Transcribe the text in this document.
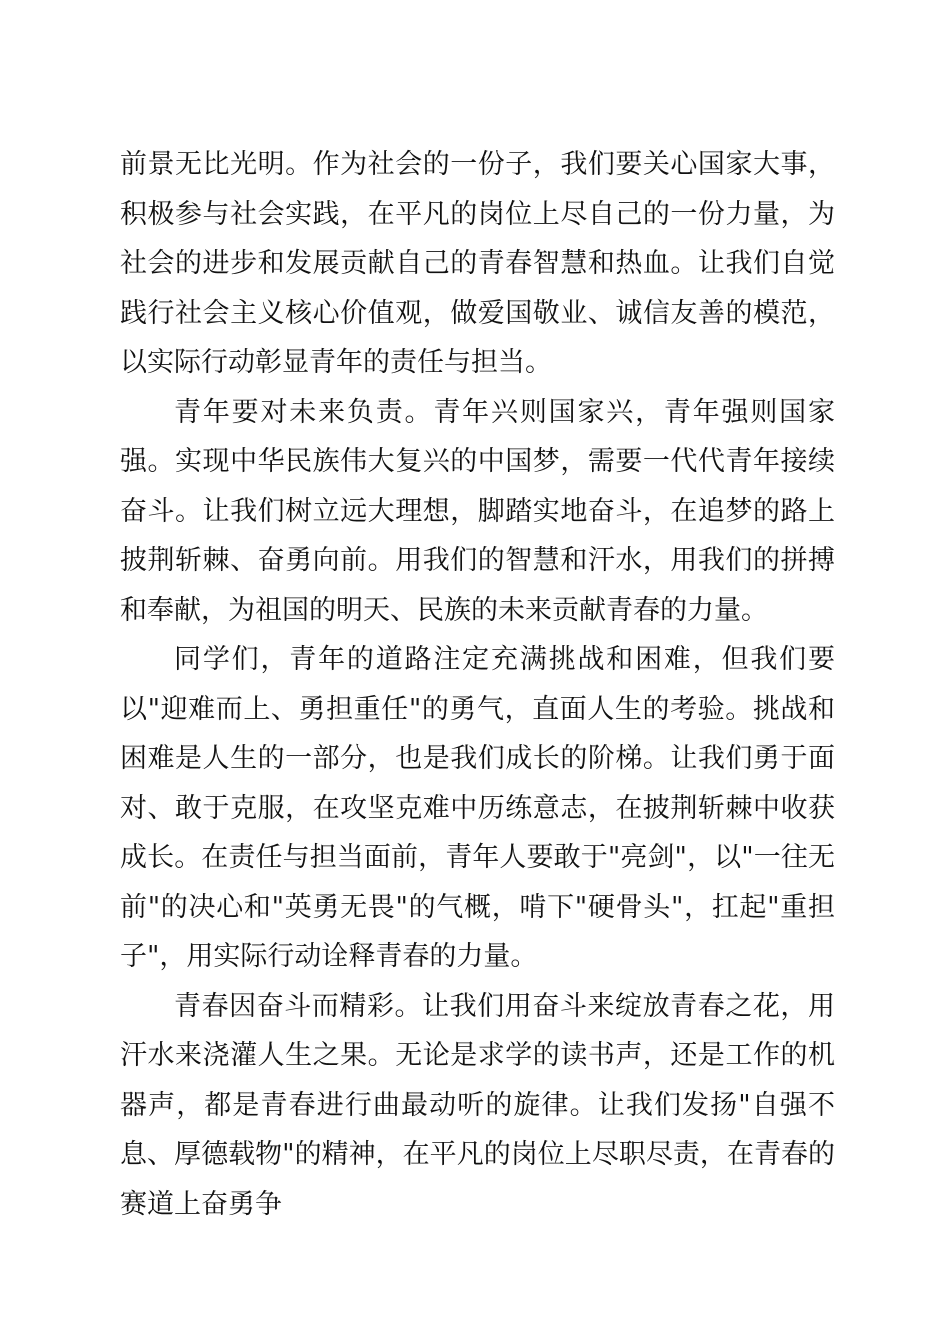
前景无比光明。作为社会的一份子，我们要关心国家大事，积极参与社会实践，在平凡的岗位上尽自己的一份力量，为社会的进步和发展贡献自己的青春智慧和热血。让我们自觉践行社会主义核心价值观，做爱国敬业、诚信友善的模范，以实际行动彰显青年的责任与担当。

青年要对未来负责。青年兴则国家兴，青年强则国家强。实现中华民族伟大复兴的中国梦，需要一代代青年接续奋斗。让我们树立远大理想，脚踏实地奋斗，在追梦的路上披荆斩棘、奋勇向前。用我们的智慧和汗水，用我们的拼搏和奉献，为祖国的明天、民族的未来贡献青春的力量。

同学们，青年的道路注定充满挑战和困难，但我们要以"迎难而上、勇担重任"的勇气，直面人生的考验。挑战和困难是人生的一部分，也是我们成长的阶梯。让我们勇于面对、敢于克服，在攻坚克难中历练意志，在披荆斩棘中收获成长。在责任与担当面前，青年人要敢于"亮剑"，以"一往无前"的决心和"英勇无畏"的气概，啃下"硬骨头"，扛起"重担子"，用实际行动诠释青春的力量。

青春因奋斗而精彩。让我们用奋斗来绽放青春之花，用汗水来浇灌人生之果。无论是求学的读书声，还是工作的机器声，都是青春进行曲最动听的旋律。让我们发扬"自强不息、厚德载物"的精神，在平凡的岗位上尽职尽责，在青春的赛道上奋勇争
